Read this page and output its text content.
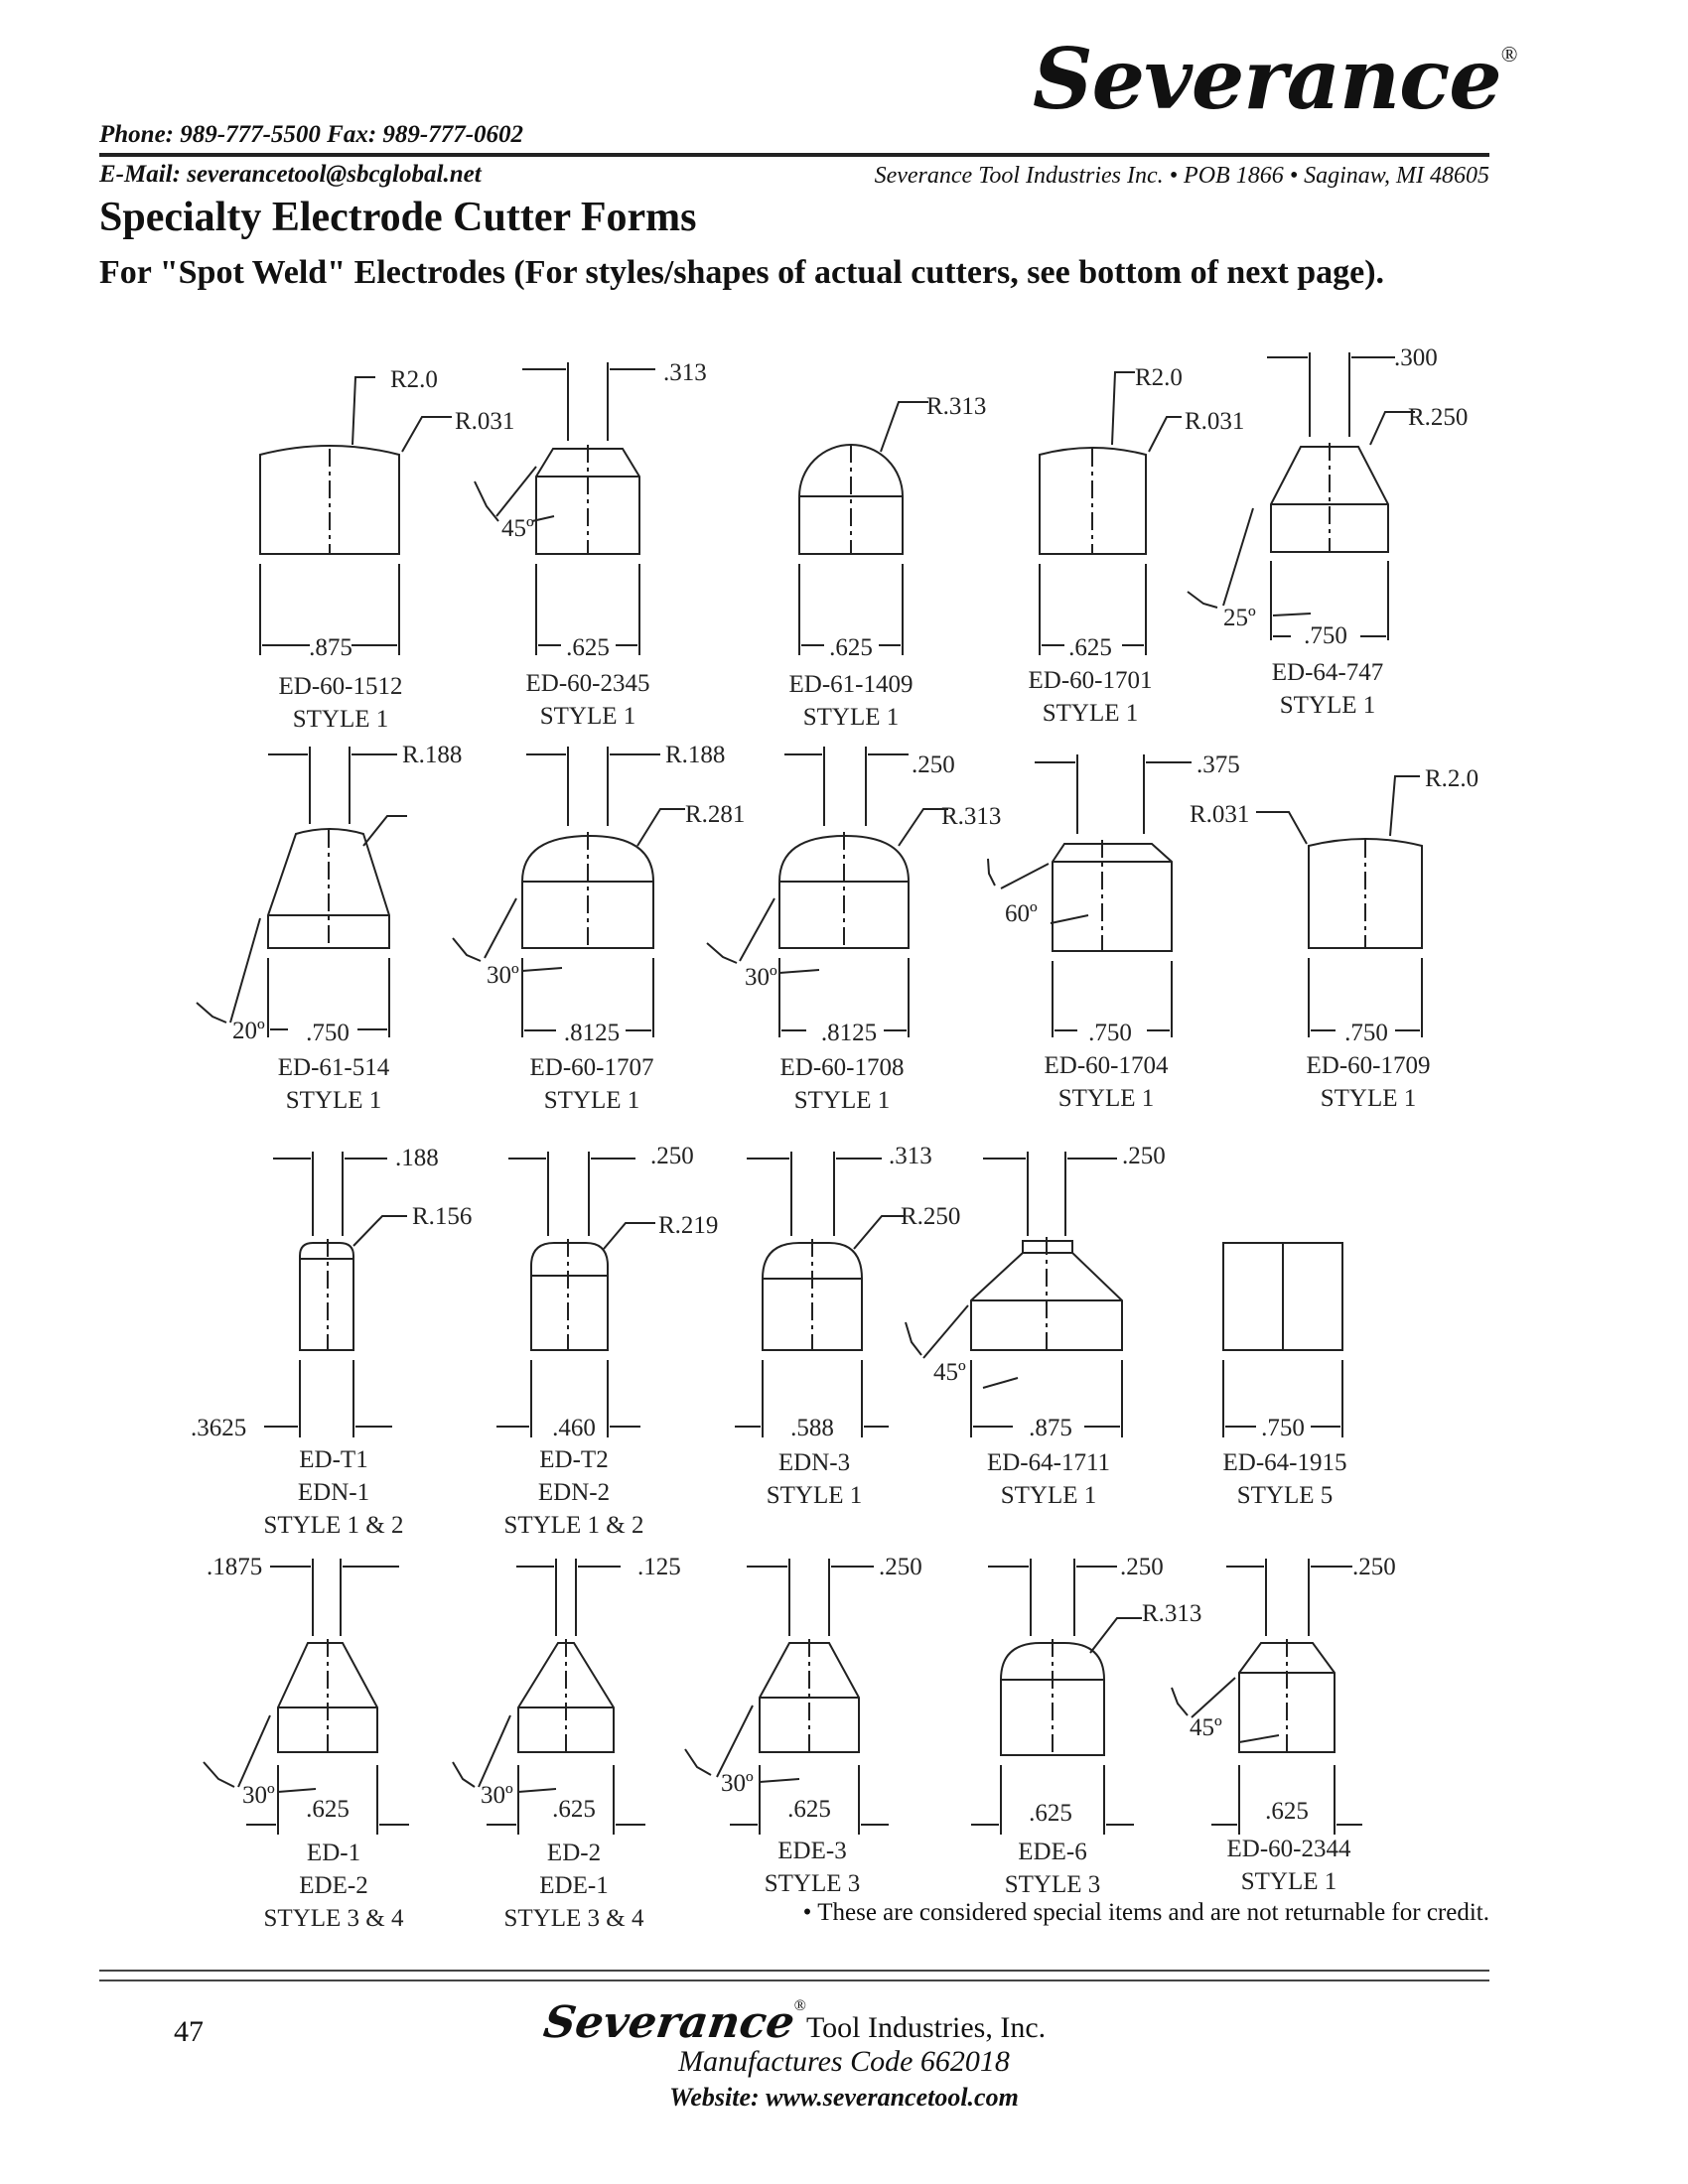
Phone: 989-777-5500 Fax: 989-777-0602
Severance®
E-Mail: severancetool@sbcglobal.net	Severance Tool Industries Inc. • POB 1866 • Saginaw, MI 48605
Specialty Electrode Cutter Forms
For "Spot Weld" Electrodes (For styles/shapes of actual cutters, see bottom of next page).
.875
R2.0
R.031
ED-60-1512
STYLE 1
.313
45º
.625
ED-60-2345
STYLE 1
R.313
.625
ED-61-1409
STYLE 1
R2.0
R.031
.625
ED-60-1701
STYLE 1
.300
R.250
25º
.750
ED-64-747
STYLE 1
R.188
20º .750
ED-61-514
STYLE 1
R.188
R.281
30º
.8125
ED-60-1707
STYLE 1
.250
R.313
30º
.8125
ED-60-1708
STYLE 1
.375
60º
.750
ED-60-1704
STYLE 1
R.2.0
R.031
.750
ED-60-1709
STYLE 1
.188
R.156
.3625
ED-T1
EDN-1
STYLE 1 & 2
.250
R.219
.460
ED-T2
EDN-2
STYLE 1 & 2
.313
R.250
.588
EDN-3
STYLE 1
.250
45º
.875
ED-64-1711
STYLE 1
.750
ED-64-1915
STYLE 5
.1875
30º
.625
ED-1
EDE-2
STYLE 3 & 4
.125
30º
.625
ED-2
EDE-1
STYLE 3 & 4
.250
30º
.625
EDE-3
STYLE 3
.250
R.313
.625
EDE-6
STYLE 3
.250
45º
.625
ED-60-2344
STYLE 1
• These are considered special items and are not returnable for credit.
47	Severance®Tool Industries, Inc.
Manufactures Code 662018
Website: www.severancetool.com
